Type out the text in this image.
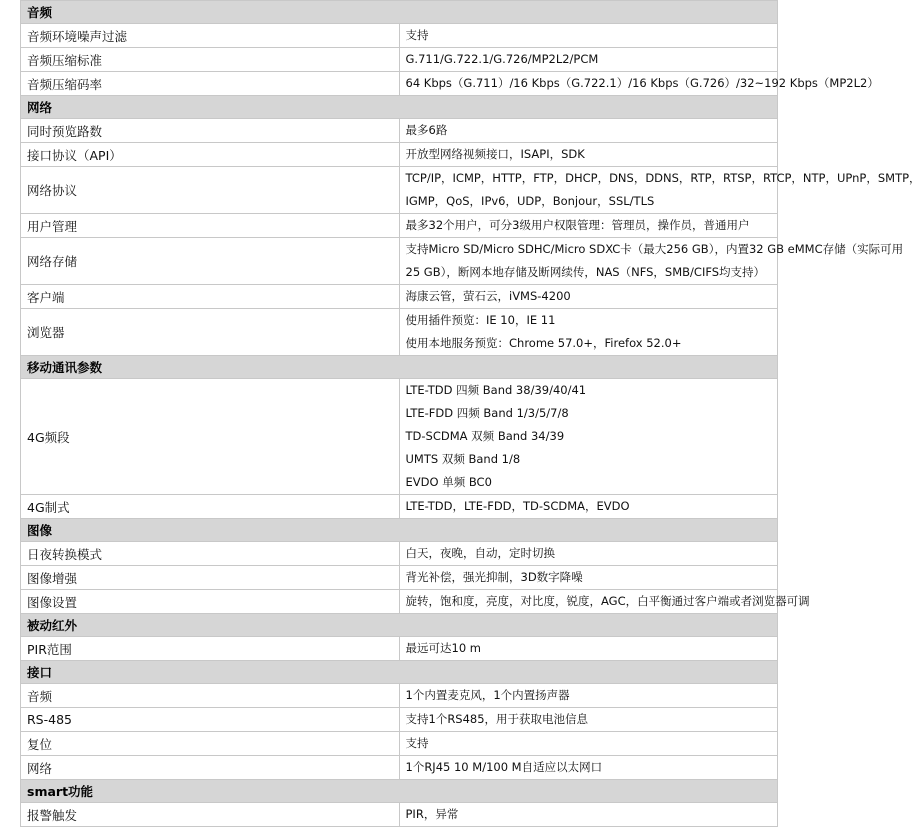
音频	
音频环境噪声过滤	支持

音频压缩标准	G.711/G.722.1/G.726/MP2L2/PCM

音频压缩码率	64 Kbps（G.711）/16 Kbps（G.722.1）/16 Kbps（G.726）/32~192 Kbps（MP2L2）

网络	
同时预览路数	最多6路

接口协议（API）	开放型网络视频接口，ISAPI，SDK

网络协议	TCP/IP，ICMP，HTTP，FTP，DHCP，DNS，DDNS，RTP，RTSP，RTCP，NTP，UPnP，SMTP，
IGMP，QoS，IPv6，UDP，Bonjour，SSL/TLS

用户管理	最多32个用户，可分3级用户权限管理：管理员，操作员，普通用户

网络存储	支持Micro SD/Micro SDHC/Micro SDXC卡（最大256 GB），内置32 GB eMMC存储（实际可用
25 GB），断网本地存储及断网续传，NAS（NFS，SMB/CIFS均支持）

客户端	海康云管，萤石云，iVMS-4200

浏览器	使用插件预览：IE 10，IE 11
使用本地服务预览：Chrome 57.0+，Firefox 52.0+

移动通讯参数	
4G频段	LTE-TDD 四频 Band 38/39/40/41
LTE-FDD 四频 Band 1/3/5/7/8
TD-SCDMA 双频 Band 34/39
UMTS 双频 Band 1/8
EVDO 单频 BC0

4G制式	LTE-TDD，LTE-FDD，TD-SCDMA，EVDO

图像	
日夜转换模式	白天，夜晚，自动，定时切换

图像增强	背光补偿，强光抑制，3D数字降噪

图像设置	旋转，饱和度，亮度，对比度，锐度，AGC，白平衡通过客户端或者浏览器可调

被动红外	
PIR范围	最远可达10 m

接口	
音频	1个内置麦克风，1个内置扬声器

RS-485	支持1个RS485，用于获取电池信息

复位	支持

网络	1个RJ45 10 M/100 M自适应以太网口

smart功能	
报警触发	PIR，异常
